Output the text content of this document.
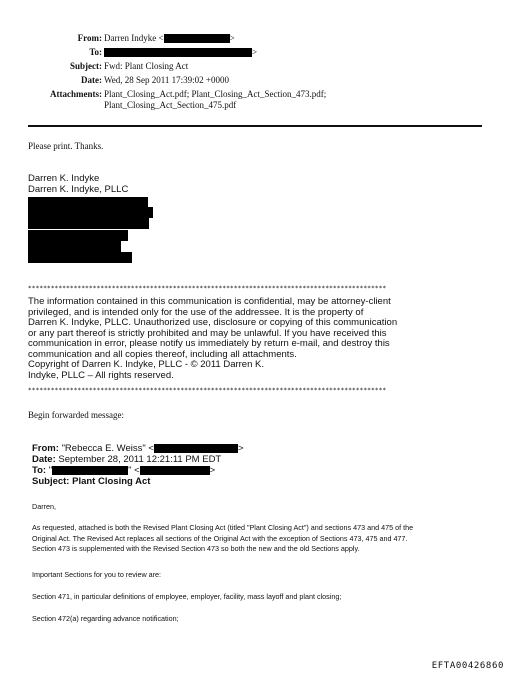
From: Darren Indyke <	>
To:	>
Subject: Fwd: Plant Closing Act
Date: Wed, 28 Sep 2011 17:39:02 +0000
Attachments: Plant_Closing_Act.pdf; Plant_Closing_Act_Section_473.pdf;
Plant_Closing_Act_Section_475.pdf
Please print. Thanks.
Darren K. Indyke
Darren K. Indyke, PLLC
**********************************************************************************************
The information contained in this communication is confidential, may be attorney-client
privileged, and is intended only for the use of the addressee. It is the property of
Darren K. Indyke, PLLC. Unauthorized use, disclosure or copying of this communication
or any part thereof is strictly prohibited and may be unlawful. If you have received this
communication in error, please notify us immediately by return e-mail, and destroy this
communication and all copies thereof, including all attachments.
Copyright of Darren K. Indyke, PLLC - © 2011 Darren K.
Indyke, PLLC – All rights reserved.
**********************************************************************************************
Begin forwarded message:
From: "Rebecca E. Weiss" <	>
Date: September 28, 2011 12:21:11 PM EDT
To: "	" <	>
Subject: Plant Closing Act
Darren,
As requested, attached is both the Revised Plant Closing Act (titled "Plant Closing Act") and sections 473 and 475 of the
Original Act. The Revised Act replaces all sections of the Original Act with the exception of Sections 473, 475 and 477.
Section 473 is supplemented with the Revised Section 473 so both the new and the old Sections apply.
Important Sections for you to review are:
Section 471, in particular definitions of employee, employer, facility, mass layoff and plant closing;
Section 472(a) regarding advance notification;
EFTA00426860
